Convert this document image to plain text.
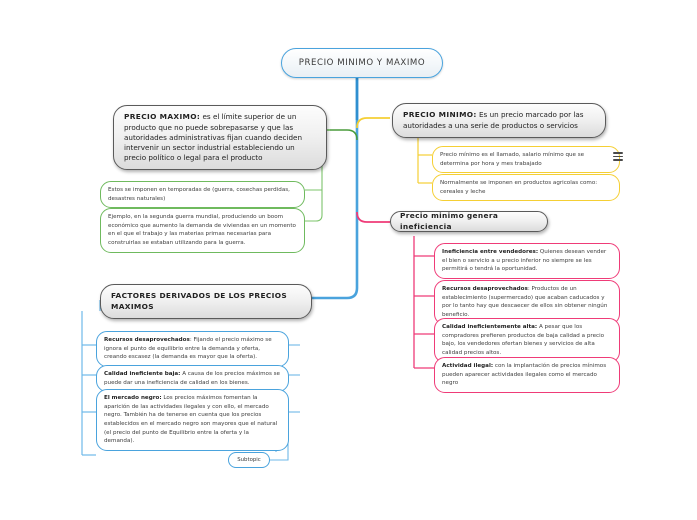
PRECIO MINIMO Y MAXIMO
PRECIO MAXIMO: es el límite superior de un producto que no puede sobrepasarse y que las autoridades administrativas fijan cuando deciden intervenir un sector industrial estableciendo un precio político o legal para el producto
Estos se imponen en temporadas de (guerra, cosechas perdidas, desastres naturales)
Ejemplo, en la segunda guerra mundial, produciendo un boom económico que aumento la demanda de viviendas en un momento en el que el trabajo y las materias primas necesarias para construirlas se estaban utilizando para la guerra.
PRECIO MINIMO: Es un precio marcado por las autoridades a una serie de productos o servicios
Precio mínimo es el llamado, salario mínimo que se determina por hora y mes trabajado
Normalmente se imponen en productos agricolas como: cereales y leche
Precio minimo genera ineficiencia
Ineficiencia entre vendedores: Quienes desean vender el bien o servicio a u precio inferior no siempre se les permitirá o tendrá la oportunidad.
Recursos desaprovechados: Productos de un establecimiento (supermercado) que acaban caducados y por lo tanto hay que descaecer de ellos sin obtener ningún beneficio.
Calidad ineficientemente alta: A pesar que los compradores prefieren productos de baja calidad a precio bajo, los vendedores ofertan bienes y servicios de alta calidad precios altos.
Actividad ilegal: con la implantación de precios mínimos pueden aparecer actividades ilegales como el mercado negro
FACTORES DERIVADOS DE LOS PRECIOS MAXIMOS
Recursos desaprovechados: Fijando el precio máximo se ignora el punto de equilibrio entre la demanda y oferta, creando escasez (la demanda es mayor que la oferta).
Calidad ineficiente baja: A causa de los precios máximos se puede dar una ineficiencia de calidad en los bienes.
El mercado negro: Los precios máximos fomentan la aparición de las actividades ilegales y con ello, el mercado negro. También ha de tenerse en cuenta que los precios establecidos en el mercado negro son mayores que el natural (el precio del punto de Equilibrio entre la oferta y la demanda).
Subtopic
